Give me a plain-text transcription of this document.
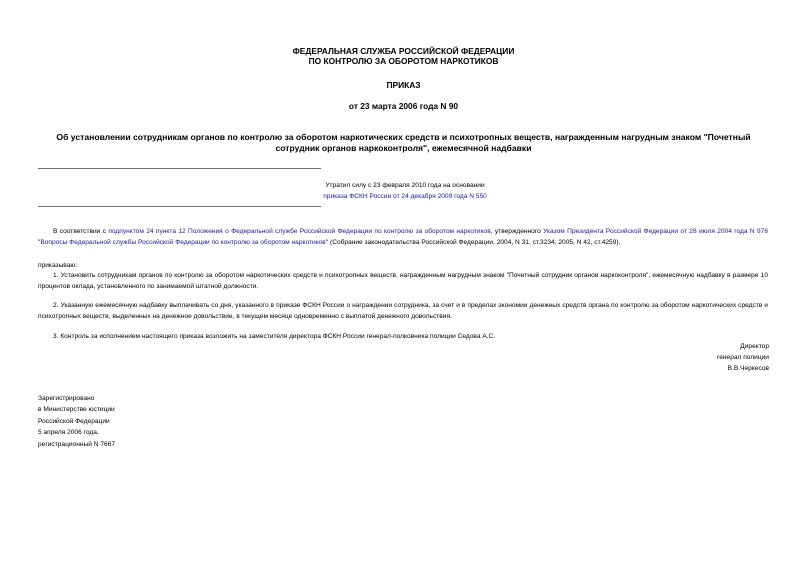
ФЕДЕРАЛЬНАЯ СЛУЖБА РОССИЙСКОЙ ФЕДЕРАЦИИ
ПО КОНТРОЛЮ ЗА ОБОРОТОМ НАРКОТИКОВ
ПРИКАЗ
от 23 марта 2006 года N 90
Об установлении сотрудникам органов по контролю за оборотом наркотических средств и психотропных веществ, награжденным нагрудным знаком "Почетный
сотрудник органов наркоконтроля", ежемесячной надбавки
Утратил силу с 23 февраля 2010 года на основании
приказа ФСКН России от 24 декабря 2009 года N 550
В соответствии с подпунктом 24 пункта 12 Положения о Федеральной службе Российской Федерации по контролю за оборотом наркотиков, утвержденного Указом Президента Российской Федерации от 28 июля 2004 года N 976 "Вопросы Федеральной службы Российской Федерации по контролю за оборотом наркотиков" (Собрание законодательства Российской Федерации, 2004, N 31, ст.3234; 2005, N 42, ст.4259),
приказываю:
1. Установить сотрудникам органов по контролю за оборотом наркотических средств и психотропных веществ, награжденным нагрудным знаком "Почетный сотрудник органов наркоконтроля", ежемесячную надбавку в размере 10 процентов оклада, установленного по занимаемой штатной должности.
2. Указанную ежемесячную надбавку выплачивать со дня, указанного в приказе ФСКН России о награждении сотрудника, за счет и в пределах экономии денежных средств органа по контролю за оборотом наркотических средств и психотропных веществ, выделенных на денежное довольствие, в текущем месяце одновременно с выплатой денежного довольствия.
3. Контроль за исполнением настоящего приказа возложить на заместителя директора ФСКН России генерал-полковника полиции Седова А.С.
Директор
генерал полиции
В.В.Черкесов
Зарегистрировано
в Министерстве юстиции
Российской Федерации
5 апреля 2006 года,
регистрационный N 7667
